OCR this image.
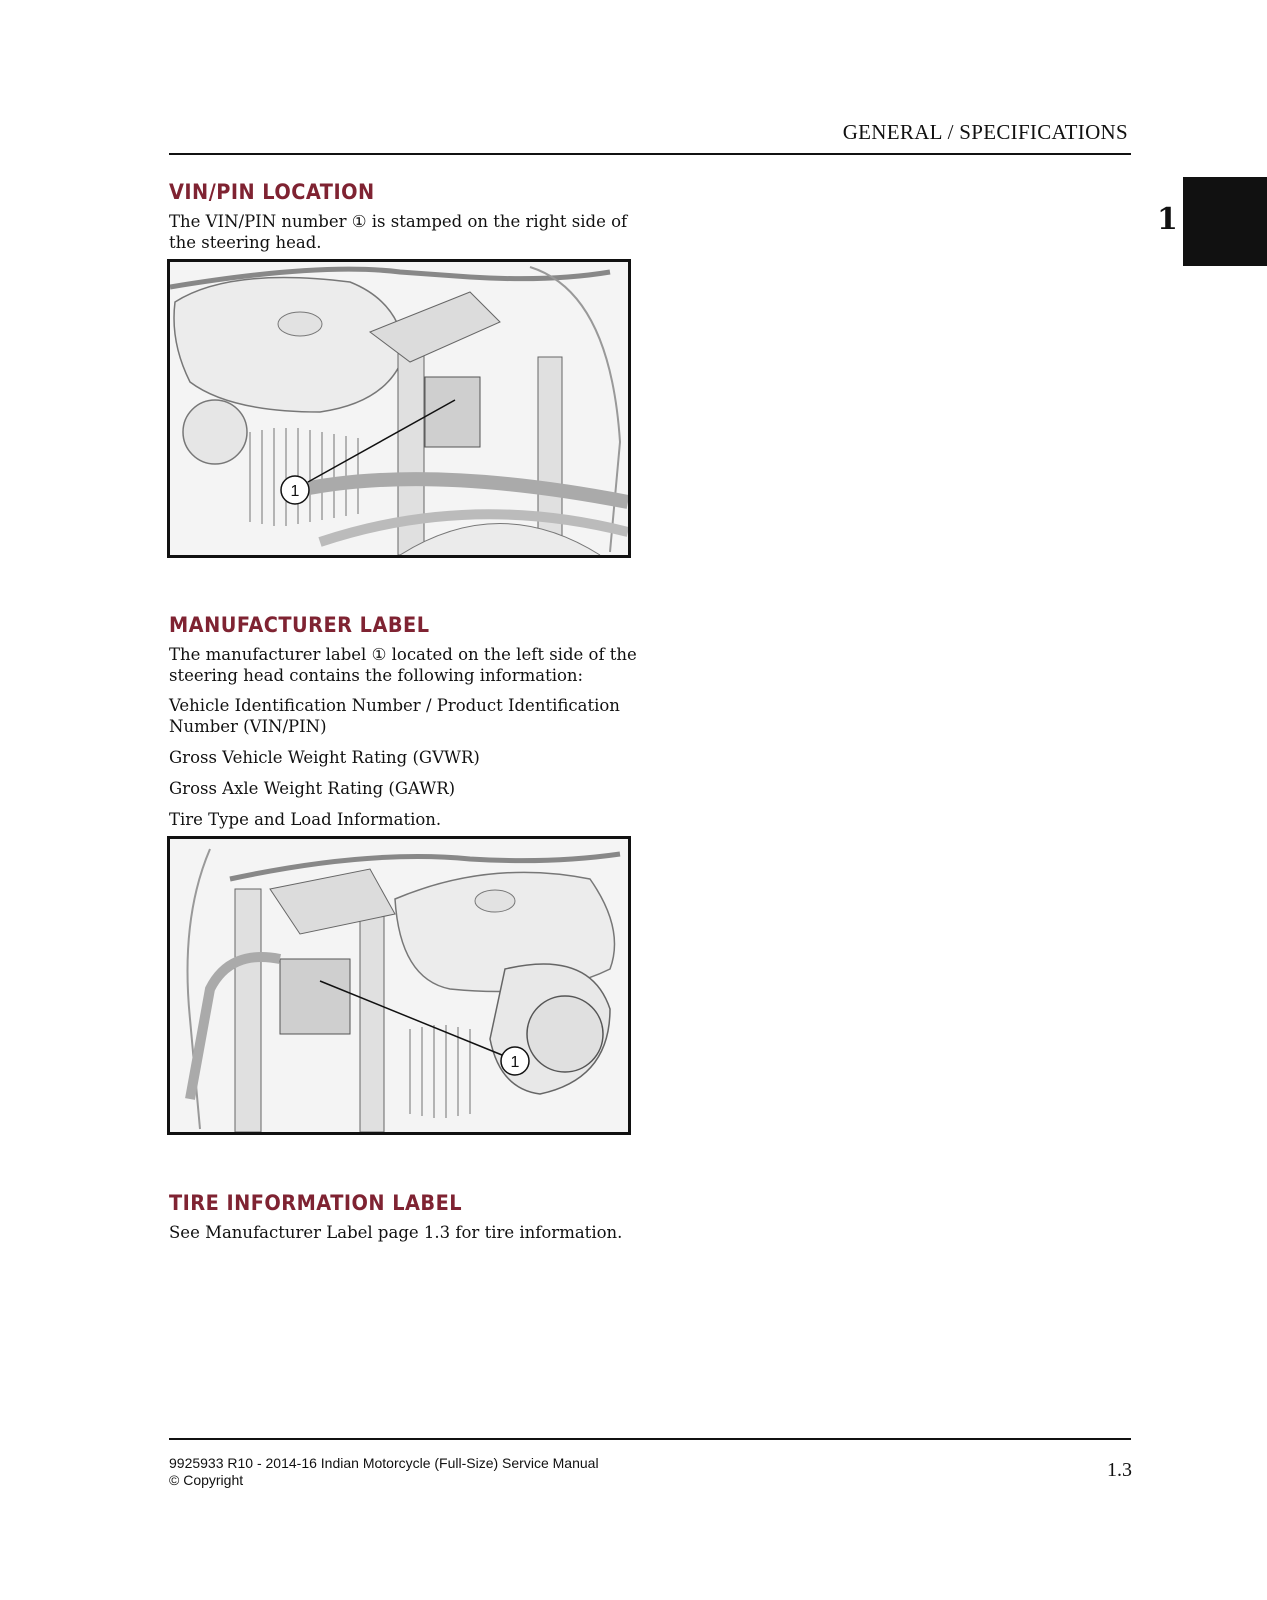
GENERAL / SPECIFICATIONS
1
VIN/PIN LOCATION

The VIN/PIN number ① is stamped on the right side of the steering head.

1
MANUFACTURER LABEL

The manufacturer label ① located on the left side of the steering head contains the following information:

Vehicle Identification Number / Product Identification Number (VIN/PIN)

Gross Vehicle Weight Rating (GVWR)

Gross Axle Weight Rating (GAWR)

Tire Type and Load Information.

1
TIRE INFORMATION LABEL

See Manufacturer Label page 1.3 for tire information.

9925933 R10 - 2014-16 Indian Motorcycle (Full-Size) Service Manual
© Copyright	1.3
